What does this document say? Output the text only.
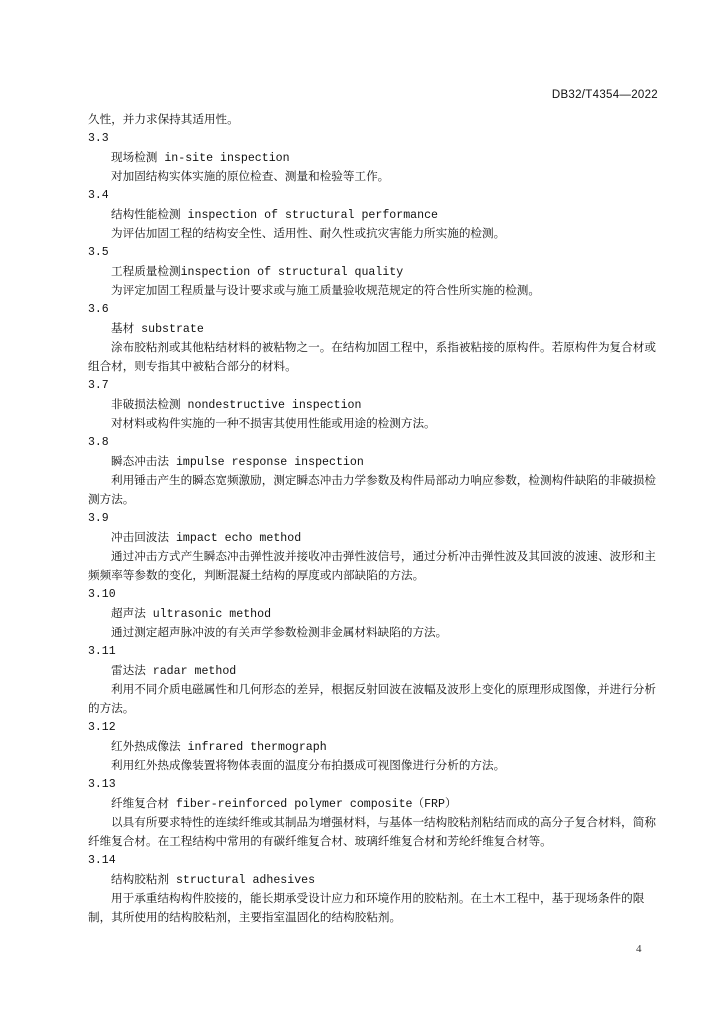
DB32/T4354—2022
久性，并力求保持其适用性。
3.3
现场检测 in-site inspection
对加固结构实体实施的原位检查、测量和检验等工作。
3.4
结构性能检测 inspection of structural performance
为评估加固工程的结构安全性、适用性、耐久性或抗灾害能力所实施的检测。
3.5
工程质量检测inspection of structural quality
为评定加固工程质量与设计要求或与施工质量验收规范规定的符合性所实施的检测。
3.6
基材 substrate
涂布胶粘剂或其他粘结材料的被粘物之一。在结构加固工程中，系指被粘接的原构件。若原构件为复合材或组合材，则专指其中被粘合部分的材料。
3.7
非破损法检测 nondestructive inspection
对材料或构件实施的一种不损害其使用性能或用途的检测方法。
3.8
瞬态冲击法 impulse response inspection
利用锤击产生的瞬态宽频激励，测定瞬态冲击力学参数及构件局部动力响应参数，检测构件缺陷的非破损检测方法。
3.9
冲击回波法 impact echo method
通过冲击方式产生瞬态冲击弹性波并接收冲击弹性波信号，通过分析冲击弹性波及其回波的波速、波形和主频频率等参数的变化，判断混凝土结构的厚度或内部缺陷的方法。
3.10
超声法 ultrasonic method
通过测定超声脉冲波的有关声学参数检测非金属材料缺陷的方法。
3.11
雷达法 radar method
利用不同介质电磁属性和几何形态的差异，根据反射回波在波幅及波形上变化的原理形成图像，并进行分析的方法。
3.12
红外热成像法 infrared thermograph
利用红外热成像装置将物体表面的温度分布拍摄成可视图像进行分析的方法。
3.13
纤维复合材 fiber-reinforced polymer composite（FRP）
以具有所要求特性的连续纤维或其制品为增强材料，与基体一结构胶粘剂粘结而成的高分子复合材料，简称纤维复合材。在工程结构中常用的有碳纤维复合材、玻璃纤维复合材和芳纶纤维复合材等。
3.14
结构胶粘剂 structural adhesives
用于承重结构构件胶接的，能长期承受设计应力和环境作用的胶粘剂。在土木工程中，基于现场条件的限制，其所使用的结构胶粘剂，主要指室温固化的结构胶粘剂。
4
